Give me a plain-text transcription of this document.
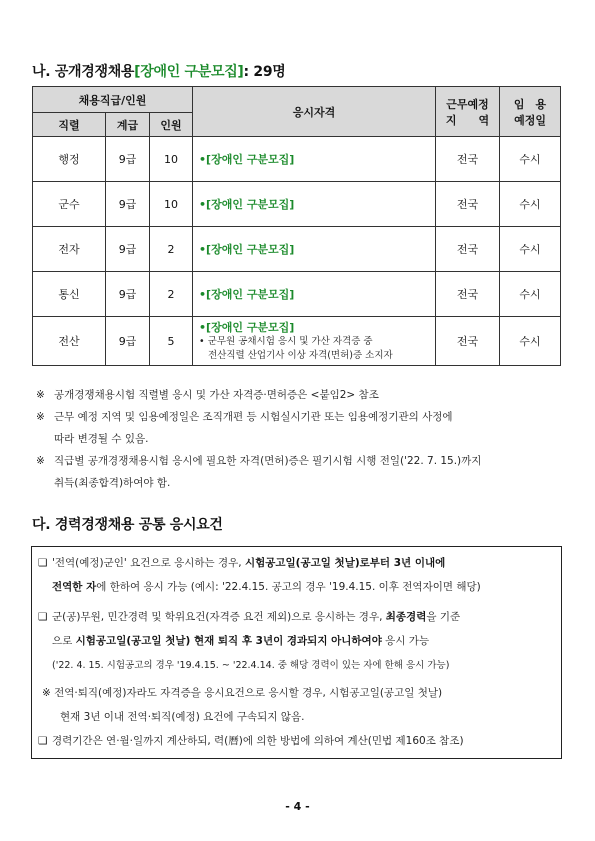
나. 공개경쟁채용[장애인 구분모집]: 29명
채용직급/인원			응시자격	근무예정
지　　역	임　용
예정일
직렬	계급	인원			
행정	9급	10	•[장애인 구분모집]	전국	수시
군수	9급	10	•[장애인 구분모집]	전국	수시
전자	9급	2	•[장애인 구분모집]	전국	수시
통신	9급	2	•[장애인 구분모집]	전국	수시
전산	9급	5	•[장애인 구분모집]
• 군무원 공채시험 응시 및 가산 자격증 중
전산직렬 산업기사 이상 자격(면허)증 소지자	전국	수시
※ 공개경쟁채용시험 직렬별 응시 및 가산 자격증·면허증은 <붙임2> 참조
※ 근무 예정 지역 및 임용예정일은 조직개편 등 시험실시기관 또는 임용예정기관의 사정에
따라 변경될 수 있음.
※ 직급별 공개경쟁채용시험 응시에 필요한 자격(면허)증은 필기시험 시행 전일('22. 7. 15.)까지
취득(최종합격)하여야 함.
다. 경력경쟁채용 공통 응시요건
❑ '전역(예정)군인' 요건으로 응시하는 경우, 시험공고일(공고일 첫날)로부터 3년 이내에
전역한 자에 한하여 응시 가능 (예시: '22.4.15. 공고의 경우 '19.4.15. 이후 전역자이면 해당)
❑ 군(공)무원, 민간경력 및 학위요건(자격증 요건 제외)으로 응시하는 경우, 최종경력을 기준
으로 시험공고일(공고일 첫날) 현재 퇴직 후 3년이 경과되지 아니하여야 응시 가능
('22. 4. 15. 시험공고의 경우 '19.4.15. ~ '22.4.14. 중 해당 경력이 있는 자에 한해 응시 가능)
※ 전역·퇴직(예정)자라도 자격증을 응시요건으로 응시할 경우, 시험공고일(공고일 첫날)
현재 3년 이내 전역·퇴직(예정) 요건에 구속되지 않음.
❑ 경력기간은 연·월·일까지 계산하되, 력(曆)에 의한 방법에 의하여 계산(민법 제160조 참조)
- 4 -
